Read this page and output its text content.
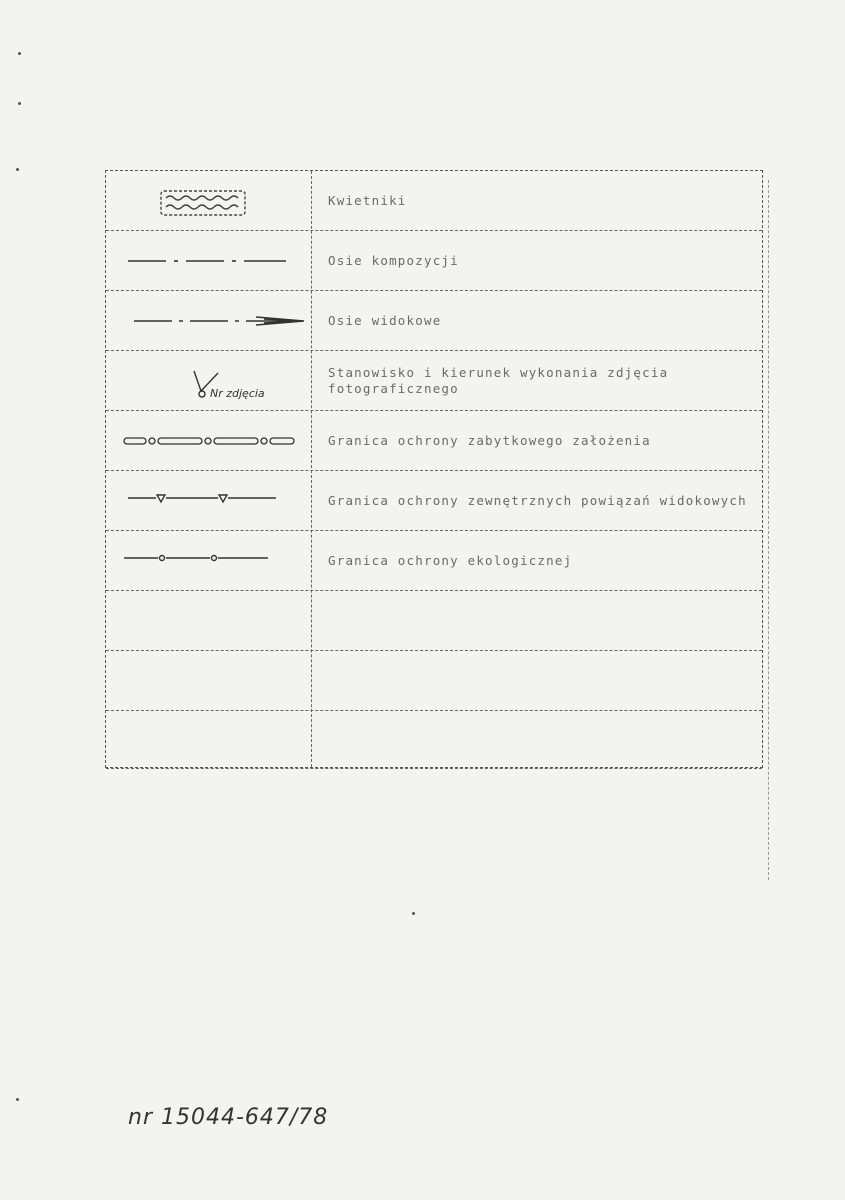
Kwietniki
Osie kompozycji
Osie widokowe
Nr zdjęcia
Stanowisko i kierunek wykonania zdjęcia fotograficznego
Granica ochrony zabytkowego założenia
Granica ochrony zewnętrznych powiązań widokowych
Granica ochrony ekologicznej
nr 15044-647/78
